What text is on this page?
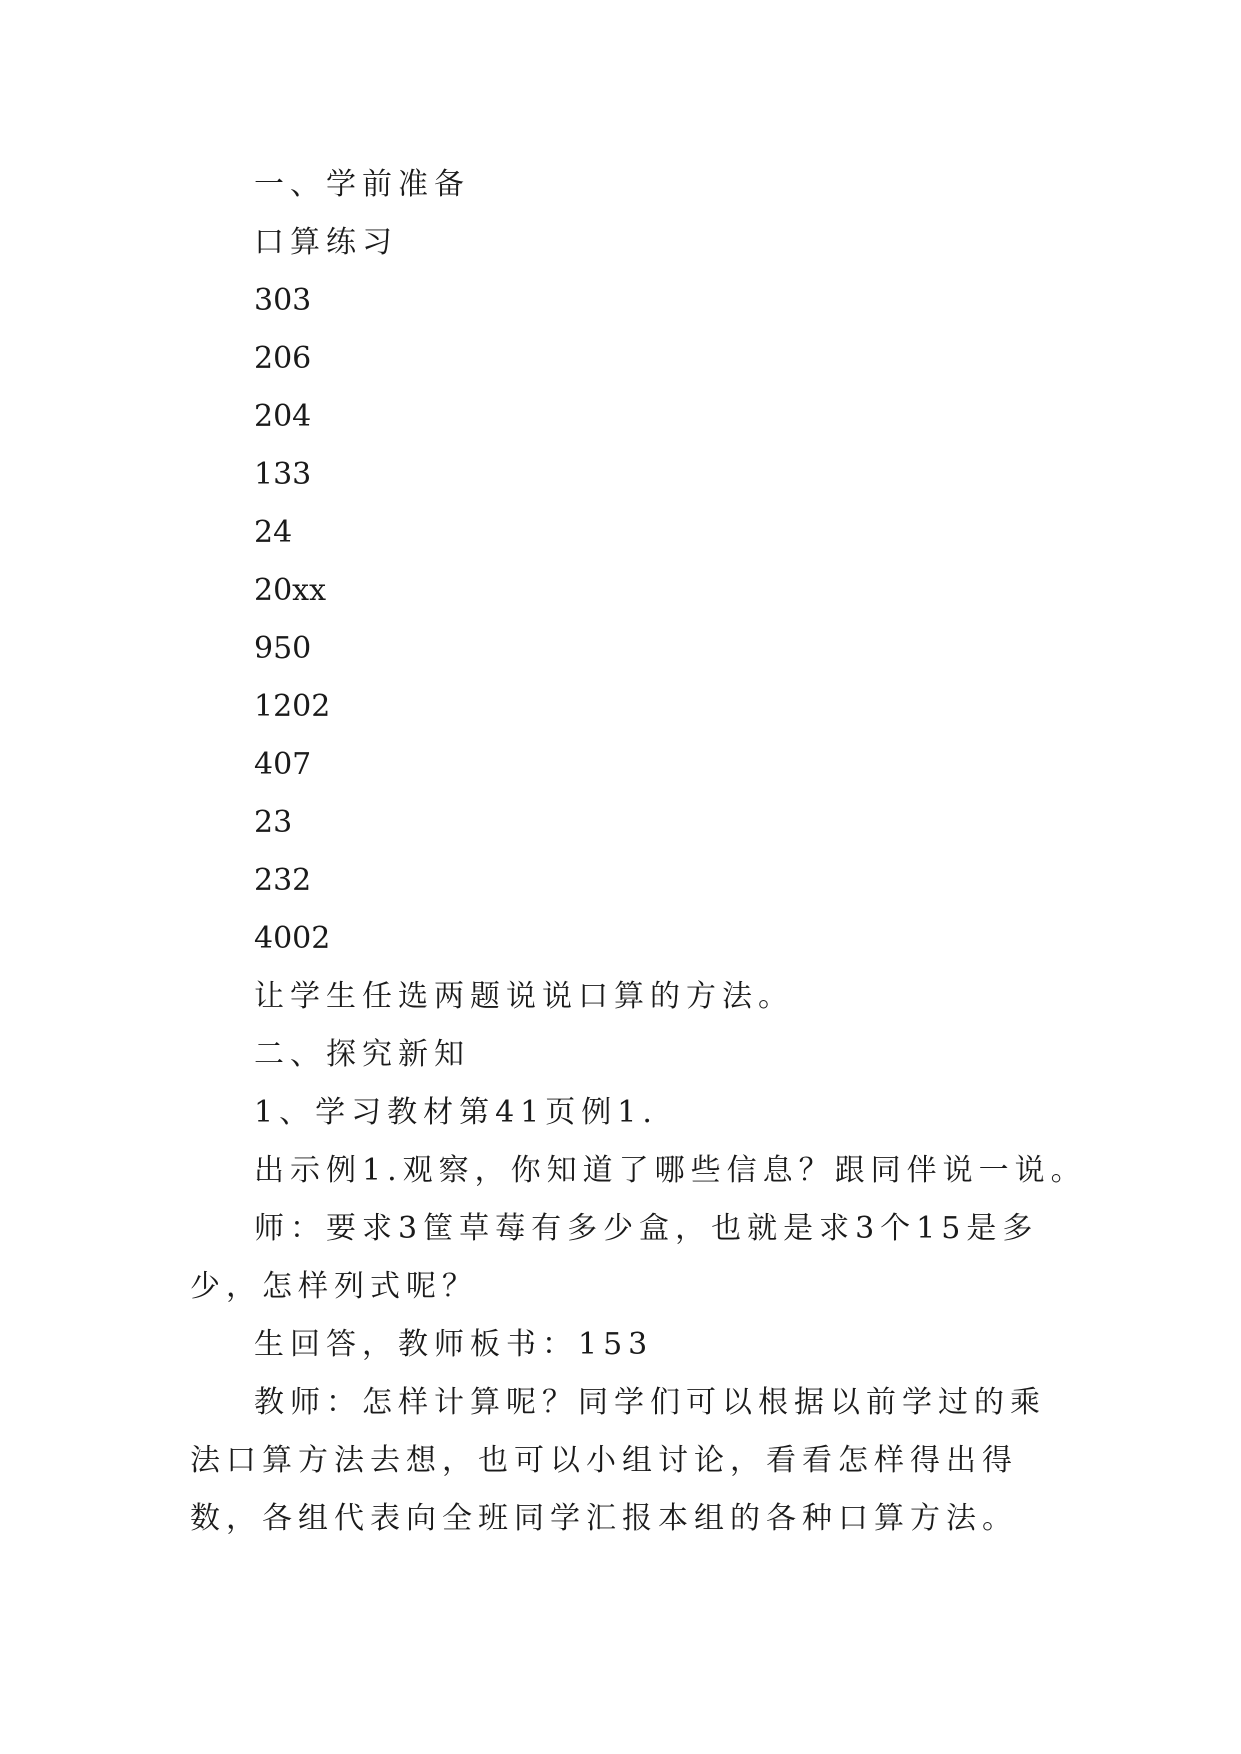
一、学前准备

口算练习

303

206

204

133

24

20xx

950

1202

407

23

232

4002

让学生任选两题说说口算的方法。

二、探究新知

1、学习教材第41页例1.

出示例1.观察，你知道了哪些信息？跟同伴说一说。

师：要求3筐草莓有多少盒，也就是求3个15是多少，怎样列式呢？

生回答，教师板书：153

教师：怎样计算呢？同学们可以根据以前学过的乘法口算方法去想，也可以小组讨论，看看怎样得出得数，各组代表向全班同学汇报本组的各种口算方法。
